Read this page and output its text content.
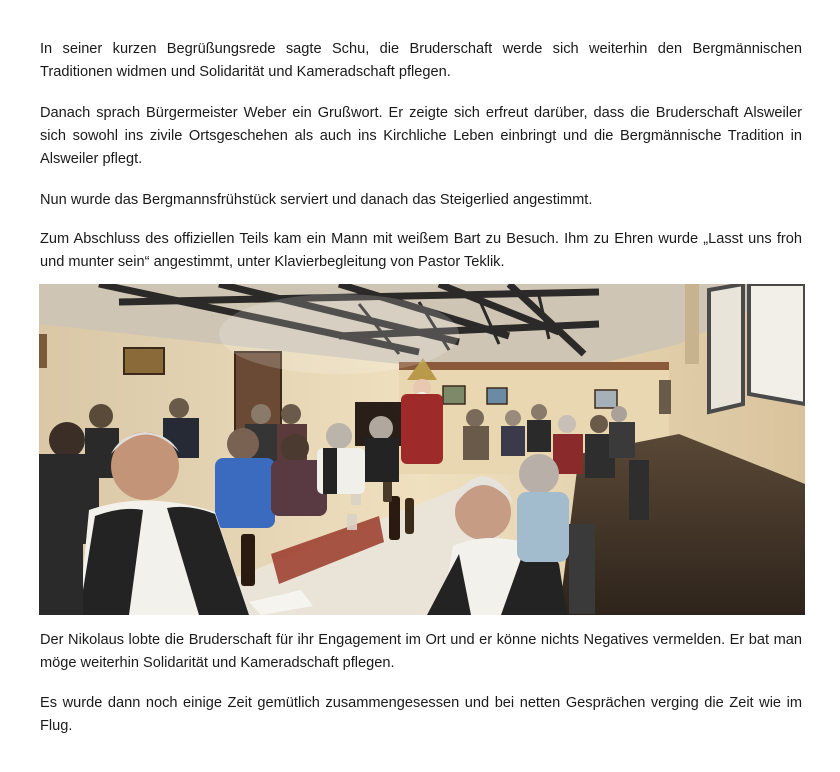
In seiner kurzen Begrüßungsrede sagte Schu, die Bruderschaft werde sich weiterhin den Bergmännischen Traditionen widmen und Solidarität und Kameradschaft pflegen.

Danach sprach Bürgermeister Weber ein Grußwort. Er zeigte sich erfreut darüber, dass die Bruderschaft Alsweiler sich sowohl ins zivile Ortsgeschehen als auch ins Kirchliche Leben einbringt und die Bergmännische Tradition in Alsweiler pflegt.

Nun wurde das Bergmannsfrühstück serviert und danach das Steigerlied angestimmt.

Zum Abschluss des offiziellen Teils kam ein Mann mit weißem Bart zu Besuch. Ihm zu Ehren wurde „Lasst uns froh und munter sein“ angestimmt, unter Klavierbegleitung von Pastor Teklik.

Der Nikolaus lobte die Bruderschaft für ihr Engagement im Ort und er könne nichts Negatives vermelden. Er bat man möge weiterhin Solidarität und Kameradschaft pflegen.

Es wurde dann noch einige Zeit gemütlich zusammengesessen und bei netten Gesprächen verging die Zeit wie im Flug.
